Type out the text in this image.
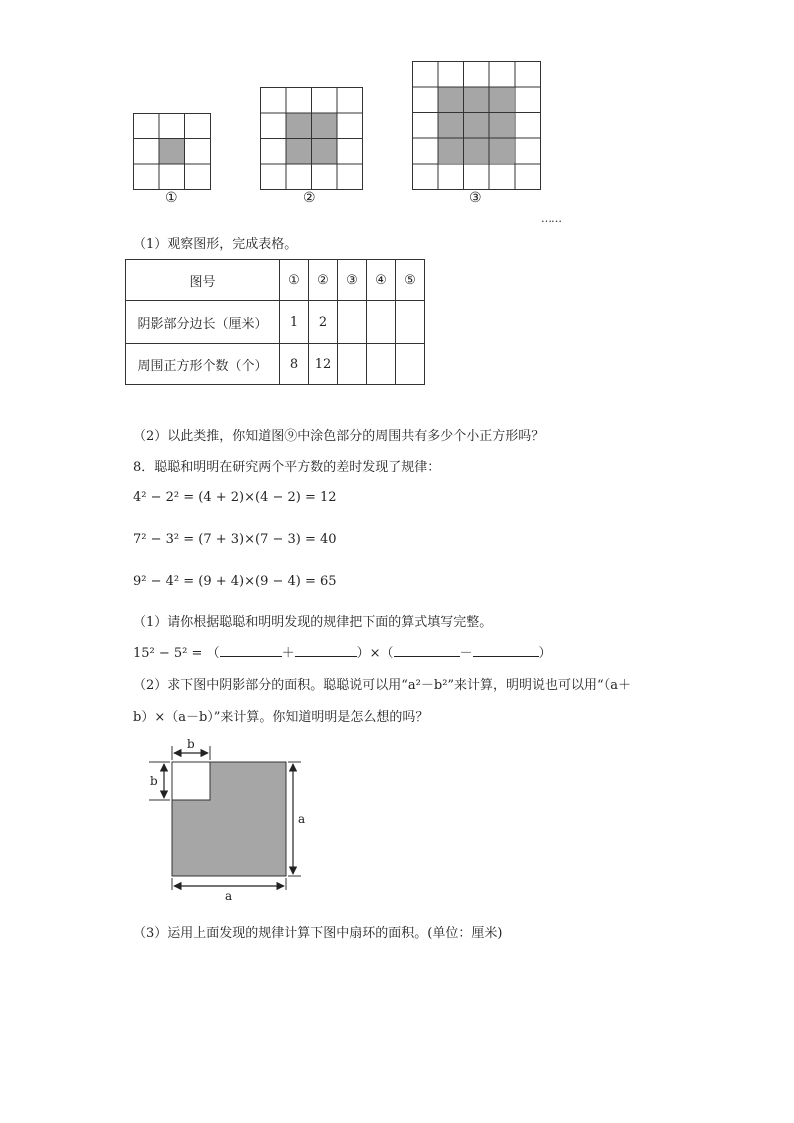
①	②	③
……
（1）观察图形，完成表格。
图号	①	②	③	④	⑤
阴影部分边长（厘米）	1	2			
周围正方形个数（个）	8	12			
（2）以此类推，你知道图⑨中涂色部分的周围共有多少个小正方形吗？
8．聪聪和明明在研究两个平方数的差时发现了规律：
4² − 2² = (4 + 2)×(4 − 2) = 12
7² − 3² = (7 + 3)×(7 − 3) = 40
9² − 4² = (9 + 4)×(9 − 4) = 65
（1）请你根据聪聪和明明发现的规律把下面的算式填写完整。
15² − 5² = （	＋	）×（	－	）
（2）求下图中阴影部分的面积。聪聪说可以用“a²－b²”来计算，明明说也可以用“（a＋
b）×（a－b）”来计算。你知道明明是怎么想的吗？
b
b
a
a
（3）运用上面发现的规律计算下图中扇环的面积。(单位：厘米)
